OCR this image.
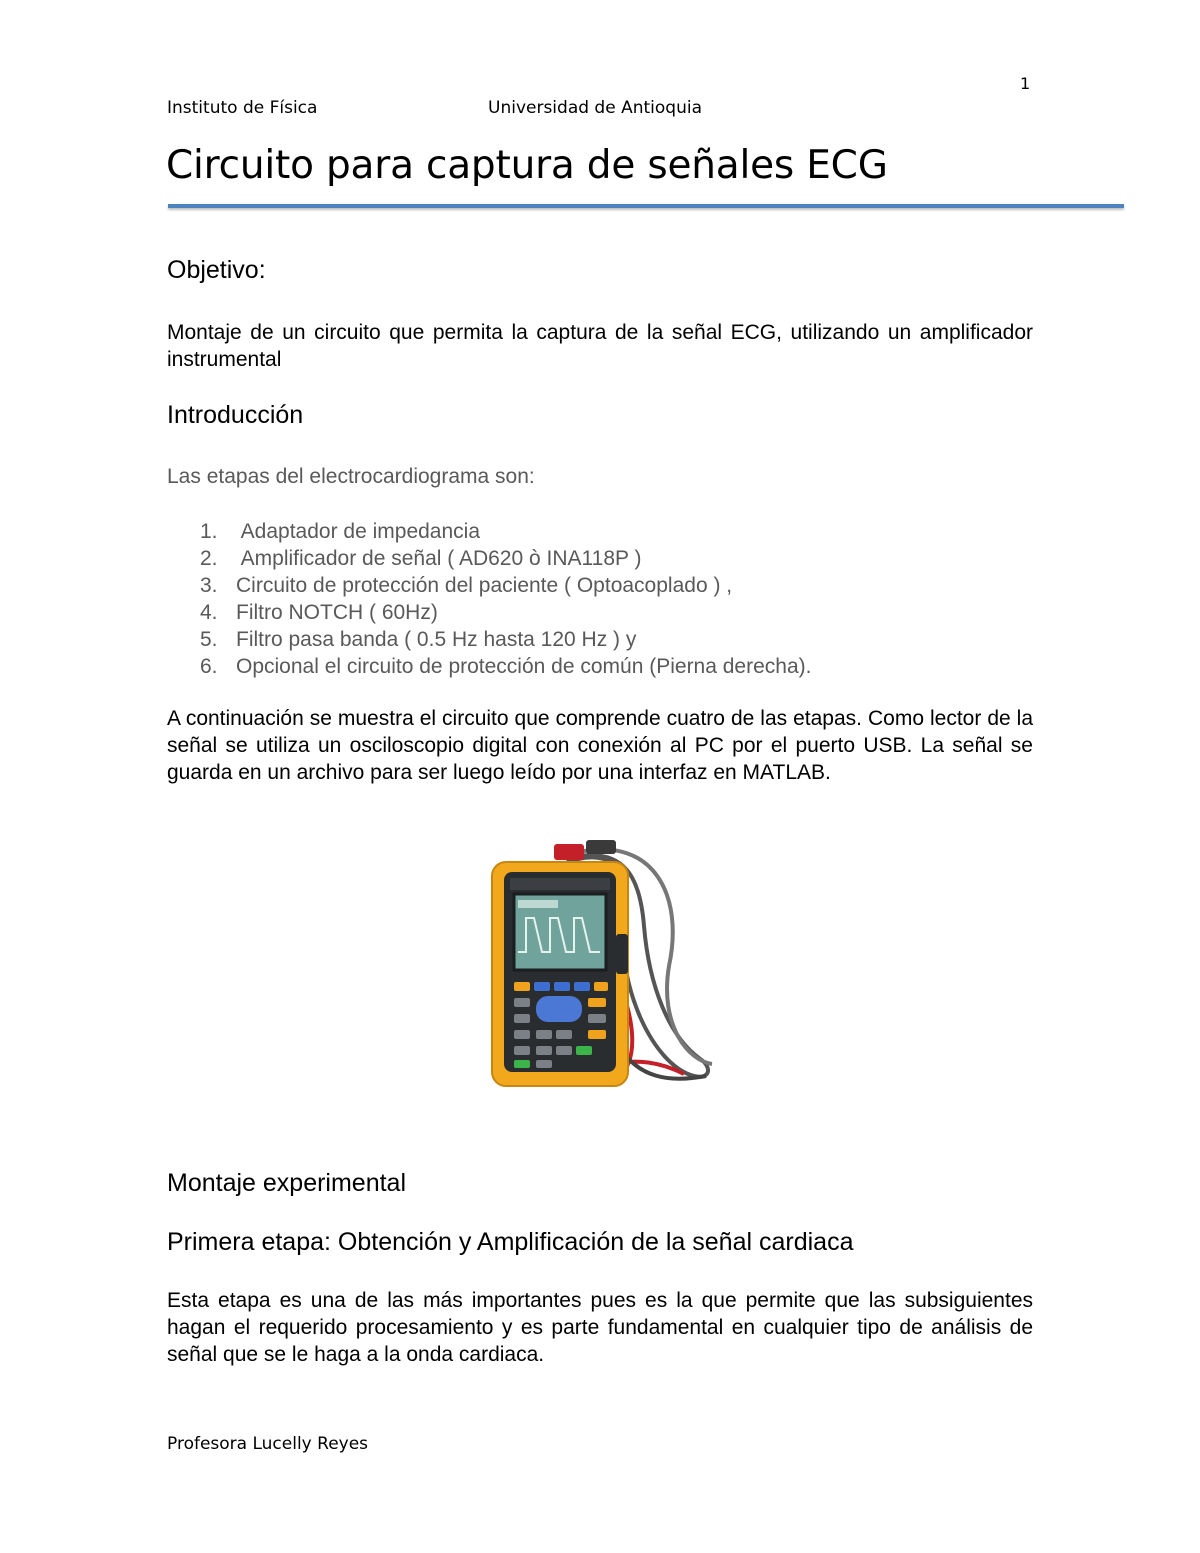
1
Instituto de Física	Universidad de Antioquia
Circuito para captura de señales ECG
Objetivo:
Montaje de un circuito que permita la captura de la señal ECG, utilizando un amplificador instrumental
Introducción
Las etapas del electrocardiograma son:
1. Adaptador de impedancia
2. Amplificador de señal ( AD620 ò INA118P )
3. Circuito de protección del paciente ( Optoacoplado ) ,
4. Filtro NOTCH ( 60Hz)
5. Filtro pasa banda ( 0.5 Hz hasta 120 Hz ) y
6. Opcional el circuito de protección de común (Pierna derecha).
A continuación se muestra el circuito que comprende cuatro de las etapas. Como lector de la señal se utiliza un osciloscopio digital con conexión al PC por el puerto USB. La señal se guarda en un archivo para ser luego leído por una interfaz en MATLAB.
Montaje experimental
Primera etapa: Obtención y Amplificación de la señal cardiaca
Esta etapa es una de las más importantes pues es la que permite que las subsiguientes hagan el requerido procesamiento y es parte fundamental en cualquier tipo de análisis de señal que se le haga a la onda cardiaca.
Profesora Lucelly Reyes
